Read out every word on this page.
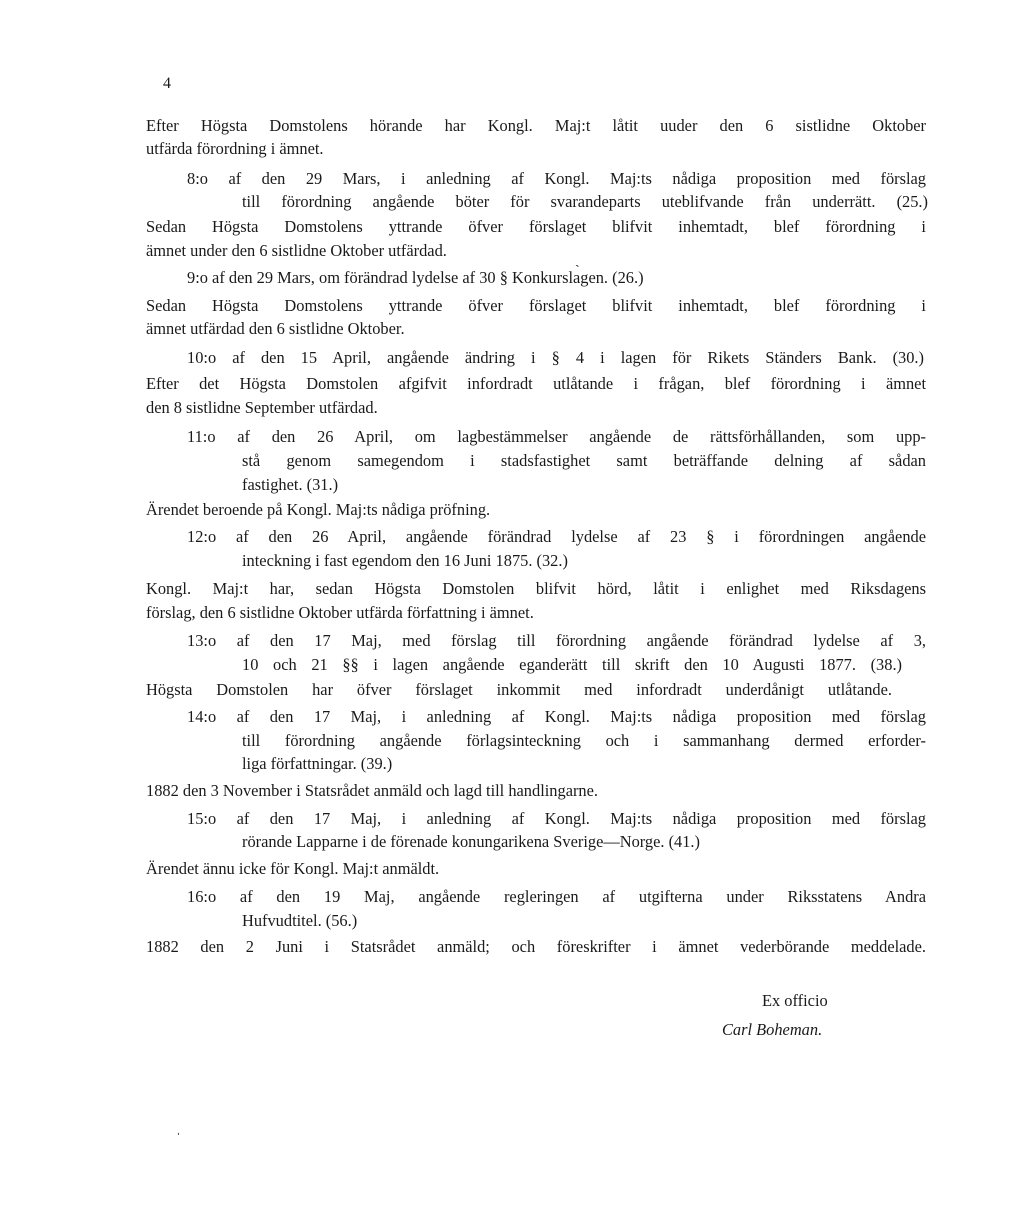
4
Efter Högsta Domstolens hörande har Kongl. Maj:t låtit uuder den 6 sistlidne Oktober
utfärda förordning i ämnet.
8:o af den 29 Mars, i anledning af Kongl. Maj:ts nådiga proposition med förslag
till förordning angående böter för svarandeparts uteblifvande från underrätt. (25.)
Sedan Högsta Domstolens yttrande öfver förslaget blifvit inhemtadt, blef förordning i
ämnet under den 6 sistlidne Oktober utfärdad.
9:o af den 29 Mars, om förändrad lydelse af 30 § Konkurslagen. (26.)
Sedan Högsta Domstolens yttrande öfver förslaget blifvit inhemtadt, blef förordning i
ämnet utfärdad den 6 sistlidne Oktober.
10:o af den 15 April, angående ändring i § 4 i lagen för Rikets Ständers Bank. (30.)
Efter det Högsta Domstolen afgifvit infordradt utlåtande i frågan, blef förordning i ämnet
den 8 sistlidne September utfärdad.
11:o af den 26 April, om lagbestämmelser angående de rättsförhållanden, som upp-
stå genom samegendom i stadsfastighet samt beträffande delning af sådan
fastighet. (31.)
Ärendet beroende på Kongl. Maj:ts nådiga pröfning.
12:o af den 26 April, angående förändrad lydelse af 23 § i förordningen angående
inteckning i fast egendom den 16 Juni 1875. (32.)
Kongl. Maj:t har, sedan Högsta Domstolen blifvit hörd, låtit i enlighet med Riksdagens
förslag, den 6 sistlidne Oktober utfärda författning i ämnet.
13:o af den 17 Maj, med förslag till förordning angående förändrad lydelse af 3,
10 och 21 §§ i lagen angående eganderätt till skrift den 10 Augusti 1877. (38.)
Högsta Domstolen har öfver förslaget inkommit med infordradt underdånigt utlåtande.
14:o af den 17 Maj, i anledning af Kongl. Maj:ts nådiga proposition med förslag
till förordning angående förlagsinteckning och i sammanhang dermed erforder-
liga författningar. (39.)
1882 den 3 November i Statsrådet anmäld och lagd till handlingarne.
15:o af den 17 Maj, i anledning af Kongl. Maj:ts nådiga proposition med förslag
rörande Lapparne i de förenade konungarikena Sverige—Norge. (41.)
Ärendet ännu icke för Kongl. Maj:t anmäldt.
16:o af den 19 Maj, angående regleringen af utgifterna under Riksstatens Andra
Hufvudtitel. (56.)
1882 den 2 Juni i Statsrådet anmäld; och föreskrifter i ämnet vederbörande meddelade.
Ex officio
Carl Boheman.
ˏ
ˌ
